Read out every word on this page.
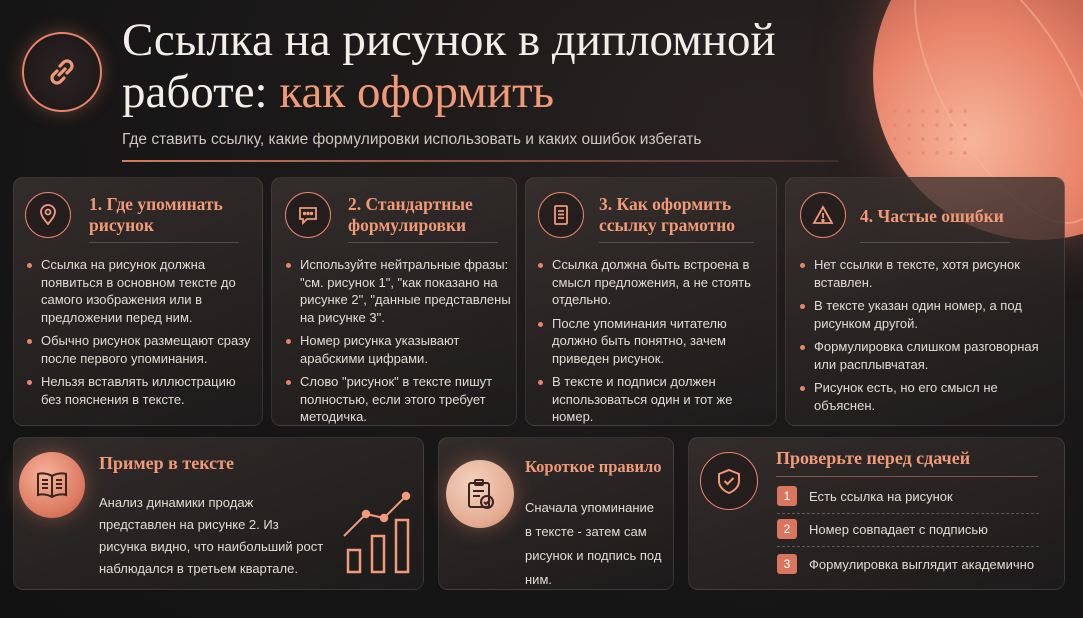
Ссылка на рисунок в дипломной
работе: как оформить
Где ставить ссылку, какие формулировки использовать и каких ошибок избегать
1. Где упоминать рисунок
Ссылка на рисунок должна появиться в основном тексте до самого изображения или в предложении перед ним.
Обычно рисунок размещают сразу после первого упоминания.
Нельзя вставлять иллюстрацию без пояснения в тексте.
2. Стандартные формулировки
Используйте нейтральные фразы: "см. рисунок 1", "как показано на рисунке 2", "данные представлены на рисунке 3".
Номер рисунка указывают арабскими цифрами.
Слово "рисунок" в тексте пишут полностью, если этого требует методичка.
3. Как оформить ссылку грамотно
Ссылка должна быть встроена в смысл предложения, а не стоять отдельно.
После упоминания читателю должно быть понятно, зачем приведен рисунок.
В тексте и подписи должен использоваться один и тот же номер.
4. Частые ошибки
Нет ссылки в тексте, хотя рисунок вставлен.
В тексте указан один номер, а под рисунком другой.
Формулировка слишком разговорная или расплывчатая.
Рисунок есть, но его смысл не объяснен.
Пример в тексте
Анализ динамики продаж представлен на рисунке 2. Из рисунка видно, что наибольший рост наблюдался в третьем квартале.
Короткое правило
Сначала упоминание в тексте - затем сам рисунок и подпись под ним.
Проверьте перед сдачей
1	Есть ссылка на рисунок
2	Номер совпадает с подписью
3	Формулировка выглядит академично
